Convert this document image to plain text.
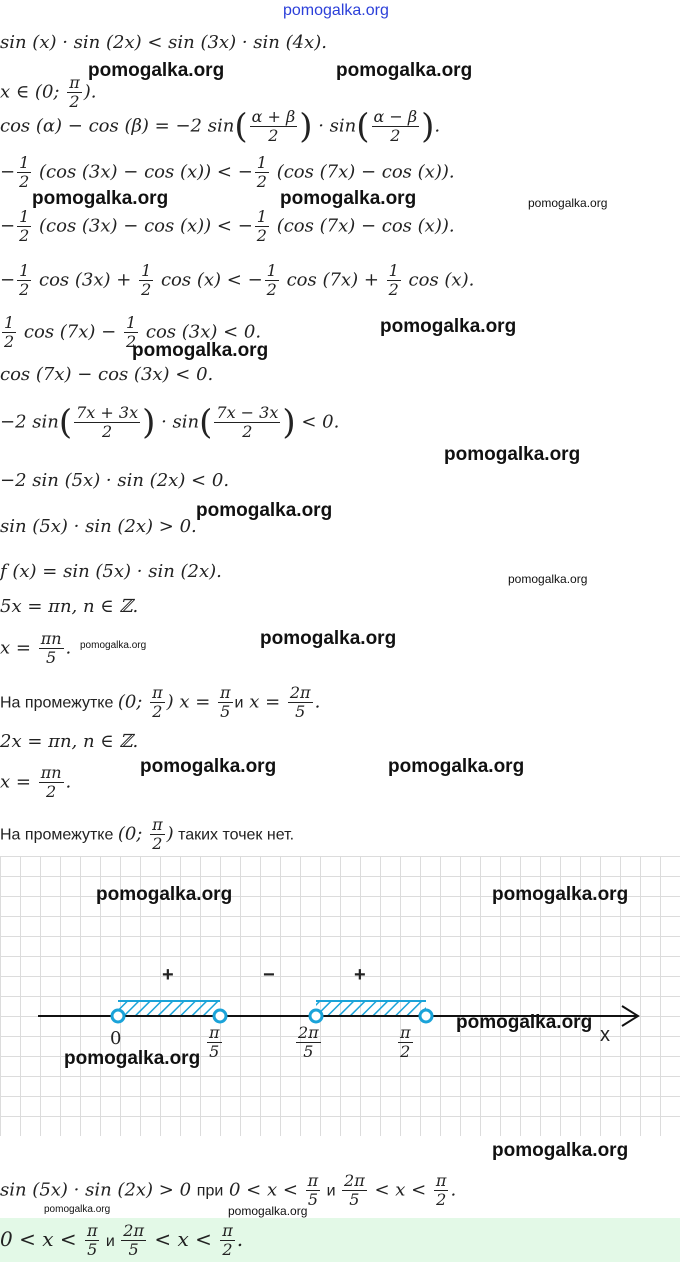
pomogalka.org
sin (x) · sin (2x) < sin (3x) · sin (4x).
x ∈ (0; $\frac{\pi}{2}$ ).
cos (α) − cos (β) = −2 $\sin( \frac{\alpha + \beta}{2}$ ) · $\sin( \frac{\alpha - \beta}{2}$ ).
− $\frac{1}{2} (\cos$ (3x) − cos (x)) < − $\frac{1}{2} (\cos$ (7x) − cos (x)).
− $\frac{1}{2} (\cos$ (3x) − cos (x)) < − $\frac{1}{2} (\cos$ (7x) − cos (x)).
− $\frac{1}{2}$ $\cos (3x) + \frac{1}{2}$ cos (x) < − $\frac{1}{2}$ $\cos (7x) + \frac{1}{2}$ cos (x).
$\frac{1}{2}$ $\cos (7x) - \frac{1}{2}$ cos (3x) < 0.
cos (7x) − cos (3x) < 0.
−2 $\sin( \frac{7x + 3x}{2}$ ) · $\sin( \frac{7x - 3x}{2}$ ) < 0.
−2 sin (5x) · sin (2x) < 0.
sin (5x) · sin (2x) > 0.
f (x) = sin (5x) · sin (2x).
5x = πn, n ∈ ℤ.
$x = \frac{\pi n}{5}$ .
На промежутке (0; $\frac{\pi}{2}$ ) $x = \frac{\pi}{5}$ и $x = \frac{2\pi}{5}$ .
2x = πn, n ∈ ℤ.
$x = \frac{\pi n}{2}$ .
На промежутке (0; $\frac{\pi}{2}$ ) таких точек нет.
+	−	+
0	$\frac{\pi}{5}$	$\frac{2\pi}{5}$	$\frac{\pi}{2}$	x
sin (5x) · sin (2x) > 0 при $0 < x < \frac{\pi}{5}$ и $\frac{2\pi}{5} < x < \frac{\pi}{2}$ .
$0 < x < \frac{\pi}{5}$ и $\frac{2\pi}{5} < x < \frac{\pi}{2}$ .
pomogalka.org	pomogalka.org
pomogalka.org	pomogalka.org	pomogalka.org
pomogalka.org
pomogalka.org
pomogalka.org
pomogalka.org
pomogalka.org
pomogalka.org
pomogalka.org
pomogalka.org	pomogalka.org
pomogalka.org	pomogalka.org
pomogalka.org
pomogalka.org
pomogalka.org
pomogalka.org	pomogalka.org
